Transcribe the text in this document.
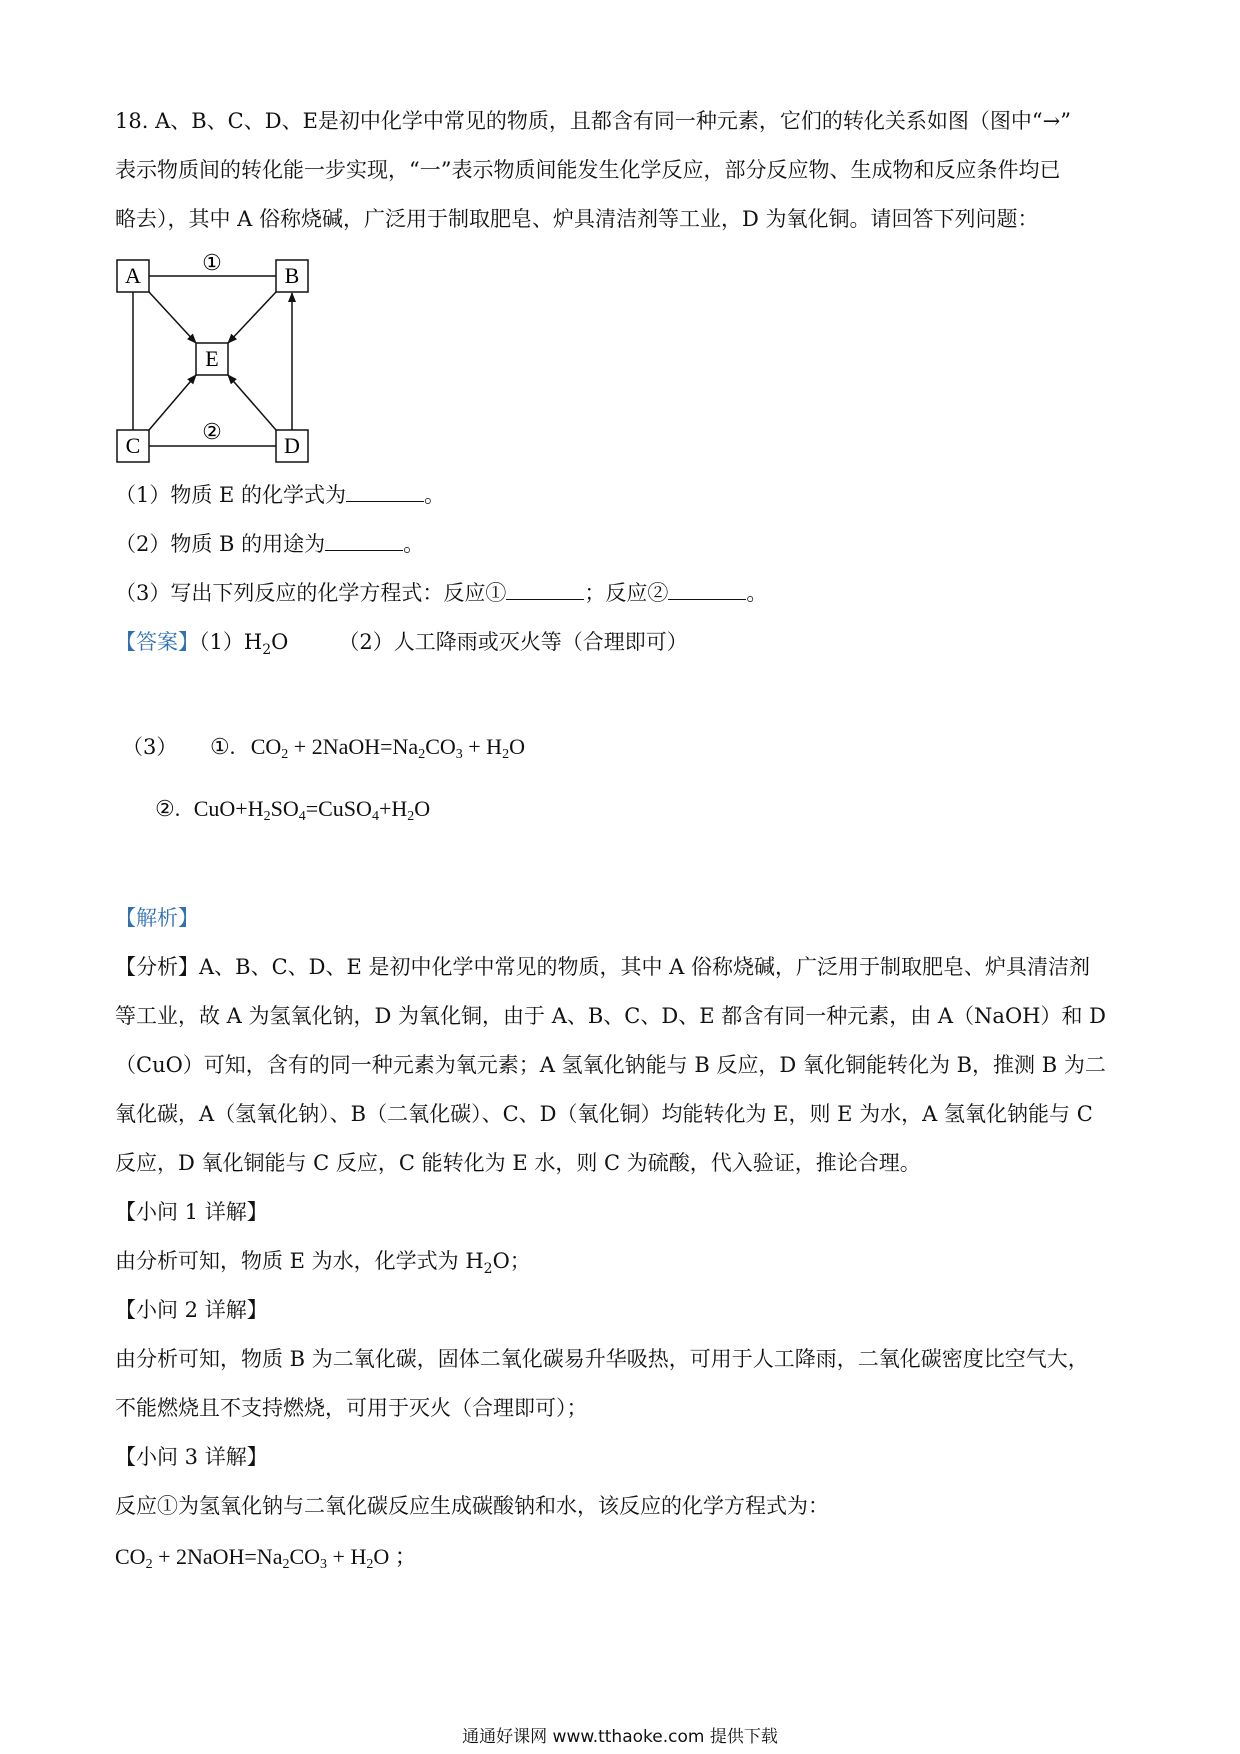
18. A、B、C、D、E是初中化学中常见的物质，且都含有同一种元素，它们的转化关系如图（图中“→”
表示物质间的转化能一步实现，“一”表示物质间能发生化学反应，部分反应物、生成物和反应条件均已
略去），其中 A 俗称烧碱，广泛用于制取肥皂、炉具清洁剂等工业，D 为氧化铜。请回答下列问题：
A	B
E
C	D
①
②
（1）物质 E 的化学式为	。
（2）物质 B 的用途为	。
（3）写出下列反应的化学方程式：反应①	；反应②	。
【答案】$(1)H_2O$ （2）人工降雨或灭火等（合理即可）
（3） ①. $CO_2$ + $2NaOH=Na_2CO_3 + H_2O$
②. $CuO+H_2SO_4=CuSO_4+H_2O$
【解析】
【分析】A、B、C、D、E 是初中化学中常见的物质，其中 A 俗称烧碱，广泛用于制取肥皂、炉具清洁剂
等工业，故 A 为氢氧化钠，D 为氧化铜，由于 A、B、C、D、E 都含有同一种元素，由 A（NaOH）和 D
（CuO）可知，含有的同一种元素为氧元素；A 氢氧化钠能与 B 反应，D 氧化铜能转化为 B，推测 B 为二
氧化碳，A（氢氧化钠）、B（二氧化碳）、C、D（氧化铜）均能转化为 E，则 E 为水，A 氢氧化钠能与 C
反应，D 氧化铜能与 C 反应，C 能转化为 E 水，则 C 为硫酸，代入验证，推论合理。
【小问 1 详解】
由分析可知，物质 E 为水，化学式为 $H_2O$；
【小问 2 详解】
由分析可知，物质 B 为二氧化碳，固体二氧化碳易升华吸热，可用于人工降雨，二氧化碳密度比空气大，
不能燃烧且不支持燃烧，可用于灭火（合理即可）；
【小问 3 详解】
反应①为氢氧化钠与二氧化碳反应生成碳酸钠和水，该反应的化学方程式为：
$CO_2$ + $2NaOH=Na_2CO_3 + H_2O$ ；
通通好课网 www.tthaoke.com 提供下载
